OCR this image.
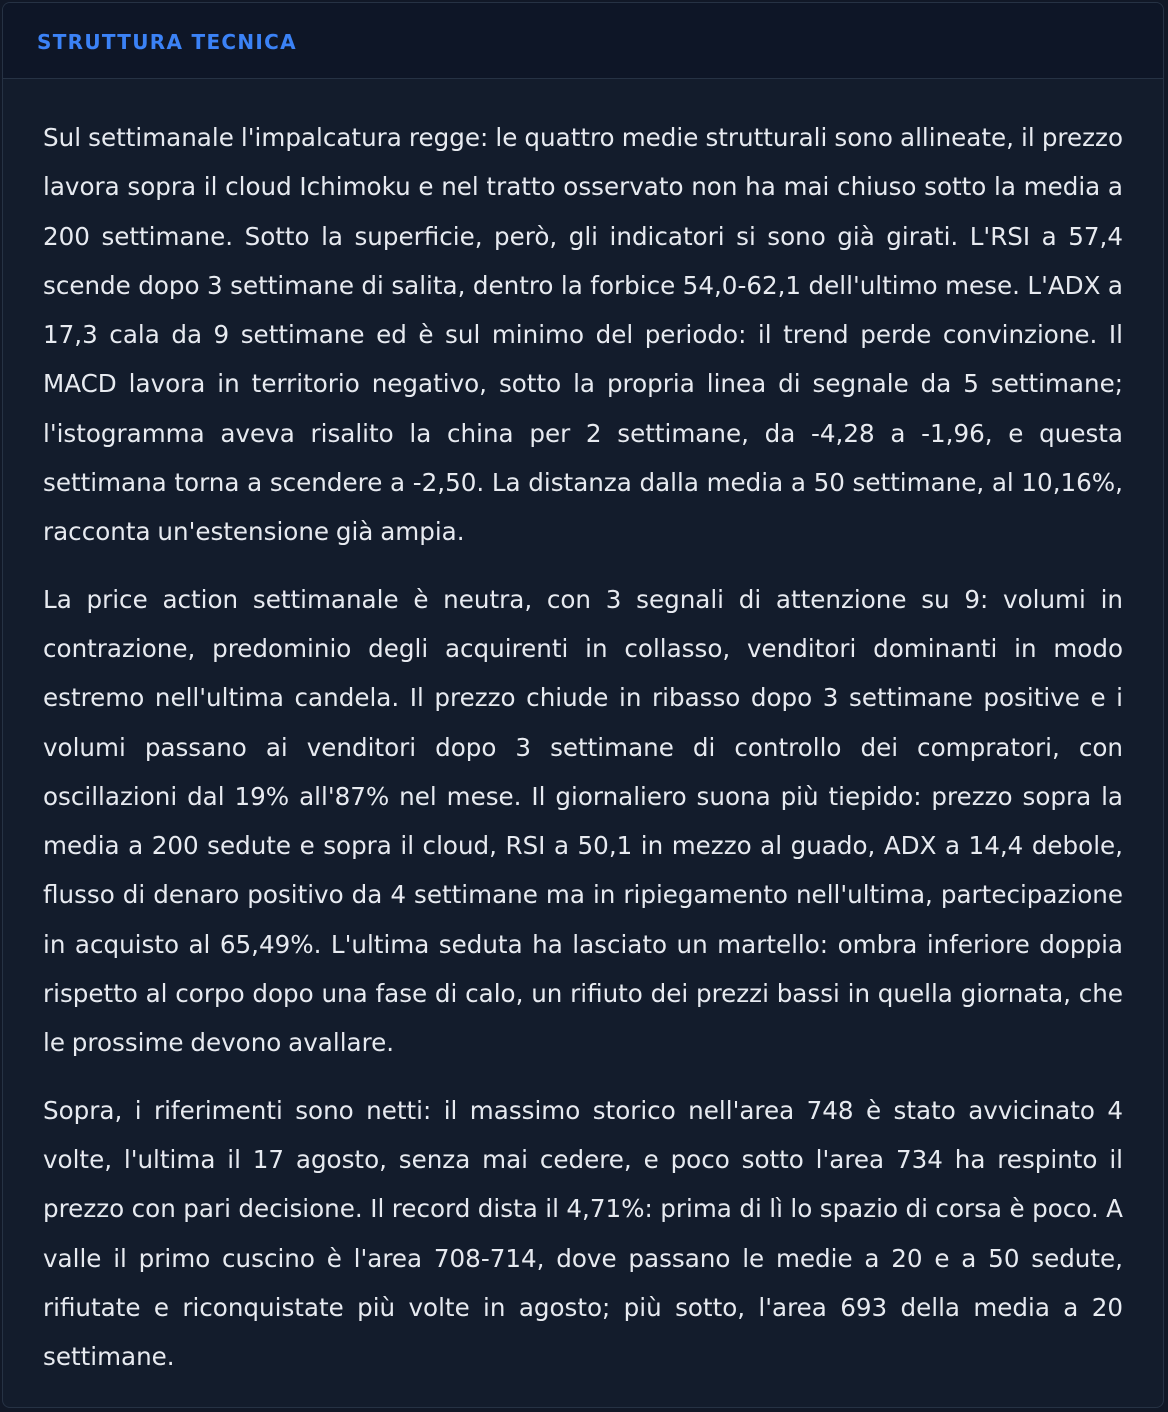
STRUTTURA TECNICA

Sul settimanale l'impalcatura regge: le quattro medie strutturali sono allineate, il prezzo lavora sopra il cloud Ichimoku e nel tratto osservato non ha mai chiuso sotto la media a 200 settimane. Sotto la superficie, però, gli indicatori si sono già girati. L'RSI a 57,4 scende dopo 3 settimane di salita, dentro la forbice 54,0-62,1 dell'ultimo mese. L'ADX a 17,3 cala da 9 settimane ed è sul minimo del periodo: il trend perde convinzione. Il MACD lavora in territorio negativo, sotto la propria linea di segnale da 5 settimane; l'istogramma aveva risalito la china per 2 settimane, da -4,28 a -1,96, e questa settimana torna a scendere a -2,50. La distanza dalla media a 50 settimane, al 10,16%, racconta un'estensione già ampia.

La price action settimanale è neutra, con 3 segnali di attenzione su 9: volumi in contrazione, predominio degli acquirenti in collasso, venditori dominanti in modo estremo nell'ultima candela. Il prezzo chiude in ribasso dopo 3 settimane positive e i volumi passano ai venditori dopo 3 settimane di controllo dei compratori, con oscillazioni dal 19% all'87% nel mese. Il giornaliero suona più tiepido: prezzo sopra la media a 200 sedute e sopra il cloud, RSI a 50,1 in mezzo al guado, ADX a 14,4 debole, flusso di denaro positivo da 4 settimane ma in ripiegamento nell'ultima, partecipazione in acquisto al 65,49%. L'ultima seduta ha lasciato un martello: ombra inferiore doppia rispetto al corpo dopo una fase di calo, un rifiuto dei prezzi bassi in quella giornata, che le prossime devono avallare.

Sopra, i riferimenti sono netti: il massimo storico nell'area 748 è stato avvicinato 4 volte, l'ultima il 17 agosto, senza mai cedere, e poco sotto l'area 734 ha respinto il prezzo con pari decisione. Il record dista il 4,71%: prima di lì lo spazio di corsa è poco. A valle il primo cuscino è l'area 708-714, dove passano le medie a 20 e a 50 sedute, rifiutate e riconquistate più volte in agosto; più sotto, l'area 693 della media a 20 settimane.
